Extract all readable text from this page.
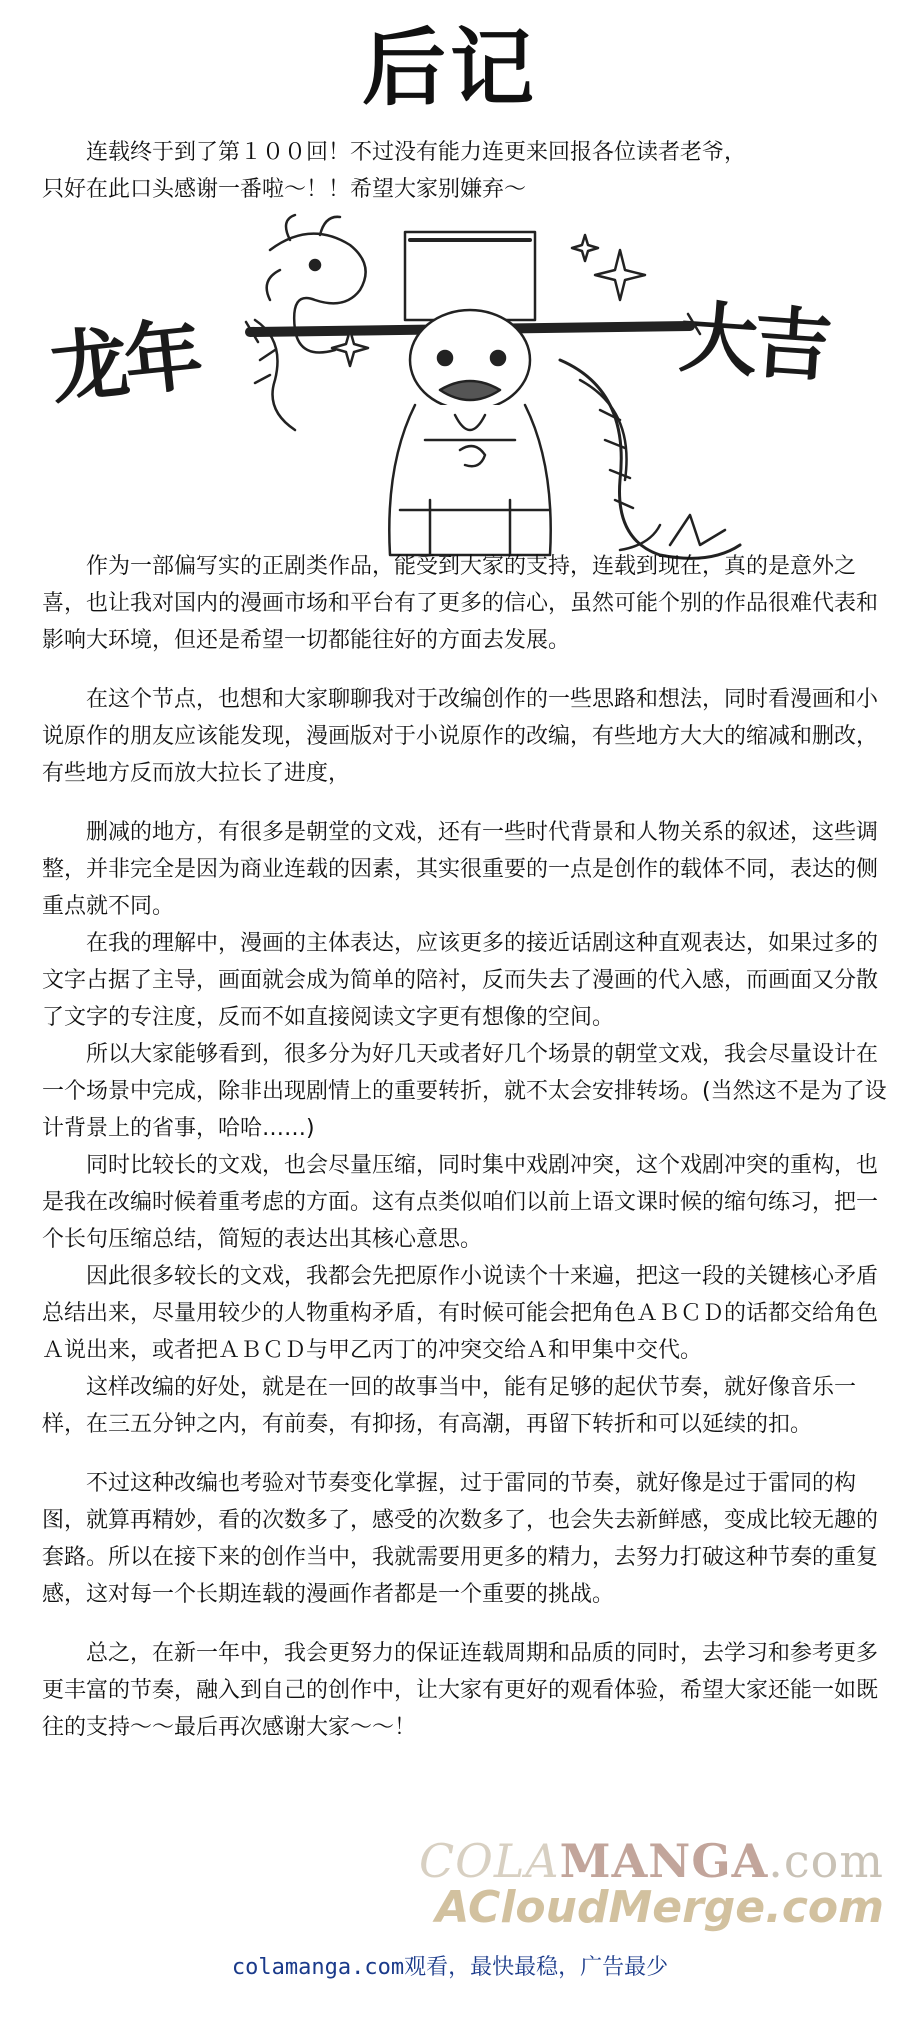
后记

连载终于到了第１００回！不过没有能力连更来回报各位读者老爷，

只好在此口头感谢一番啦～！！希望大家别嫌弃～

龙年	大吉

作为一部偏写实的正剧类作品，能受到大家的支持，连载到现在，真的是意外之喜，也让我对国内的漫画市场和平台有了更多的信心，虽然可能个别的作品很难代表和影响大环境，但还是希望一切都能往好的方面去发展。

在这个节点，也想和大家聊聊我对于改编创作的一些思路和想法，同时看漫画和小说原作的朋友应该能发现，漫画版对于小说原作的改编，有些地方大大的缩减和删改，有些地方反而放大拉长了进度，

删减的地方，有很多是朝堂的文戏，还有一些时代背景和人物关系的叙述，这些调整，并非完全是因为商业连载的因素，其实很重要的一点是创作的载体不同，表达的侧重点就不同。

在我的理解中，漫画的主体表达，应该更多的接近话剧这种直观表达，如果过多的文字占据了主导，画面就会成为简单的陪衬，反而失去了漫画的代入感，而画面又分散了文字的专注度，反而不如直接阅读文字更有想像的空间。

所以大家能够看到，很多分为好几天或者好几个场景的朝堂文戏，我会尽量设计在一个场景中完成，除非出现剧情上的重要转折，就不太会安排转场。(当然这不是为了设计背景上的省事，哈哈……)

同时比较长的文戏，也会尽量压缩，同时集中戏剧冲突，这个戏剧冲突的重构，也是我在改编时候着重考虑的方面。这有点类似咱们以前上语文课时候的缩句练习，把一个长句压缩总结，简短的表达出其核心意思。

因此很多较长的文戏，我都会先把原作小说读个十来遍，把这一段的关键核心矛盾总结出来，尽量用较少的人物重构矛盾，有时候可能会把角色ＡＢＣＤ的话都交给角色Ａ说出来，或者把ＡＢＣＤ与甲乙丙丁的冲突交给Ａ和甲集中交代。

这样改编的好处，就是在一回的故事当中，能有足够的起伏节奏，就好像音乐一样，在三五分钟之内，有前奏，有抑扬，有高潮，再留下转折和可以延续的扣。

不过这种改编也考验对节奏变化掌握，过于雷同的节奏，就好像是过于雷同的构图，就算再精妙，看的次数多了，感受的次数多了，也会失去新鲜感，变成比较无趣的套路。所以在接下来的创作当中，我就需要用更多的精力，去努力打破这种节奏的重复感，这对每一个长期连载的漫画作者都是一个重要的挑战。

总之，在新一年中，我会更努力的保证连载周期和品质的同时，去学习和参考更多更丰富的节奏，融入到自己的创作中，让大家有更好的观看体验，希望大家还能一如既往的支持～～最后再次感谢大家～～！

COLAMANGA.com
ACloudMerge.com
colamanga.com观看，最快最稳，广告最少
